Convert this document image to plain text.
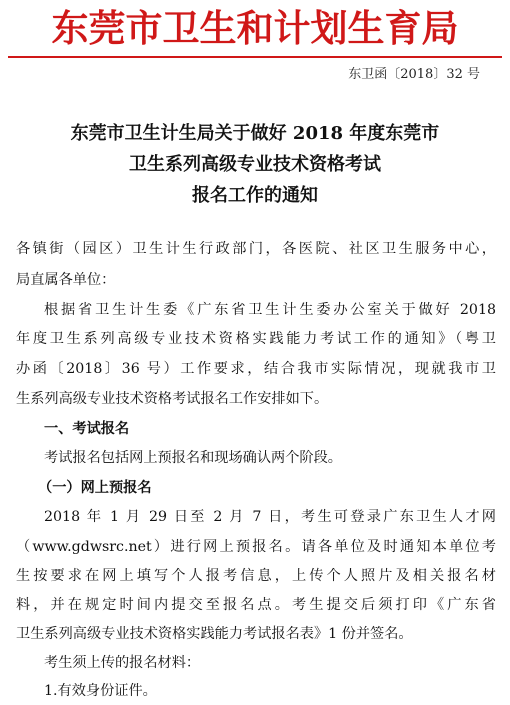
东莞市卫生和计划生育局
东卫函〔2018〕32 号
东莞市卫生计生局关于做好 2018 年度东莞市
卫生系列高级专业技术资格考试
报名工作的通知
各镇街（园区）卫生计生行政部门，各医院、社区卫生服务中心，
局直属各单位：
根据省卫生计生委《广东省卫生计生委办公室关于做好 2018
年度卫生系列高级专业技术资格实践能力考试工作的通知》（粤卫
办函〔2018〕36 号）工作要求，结合我市实际情况，现就我市卫
生系列高级专业技术资格考试报名工作安排如下。
一、考试报名
考试报名包括网上预报名和现场确认两个阶段。
（一）网上预报名
2018 年 1 月 29 日至 2 月 7 日，考生可登录广东卫生人才网
（www.gdwsrc.net）进行网上预报名。请各单位及时通知本单位考
生按要求在网上填写个人报考信息，上传个人照片及相关报名材
料，并在规定时间内提交至报名点。考生提交后须打印《广东省
卫生系列高级专业技术资格实践能力考试报名表》1 份并签名。
考生须上传的报名材料：
1.有效身份证件。
